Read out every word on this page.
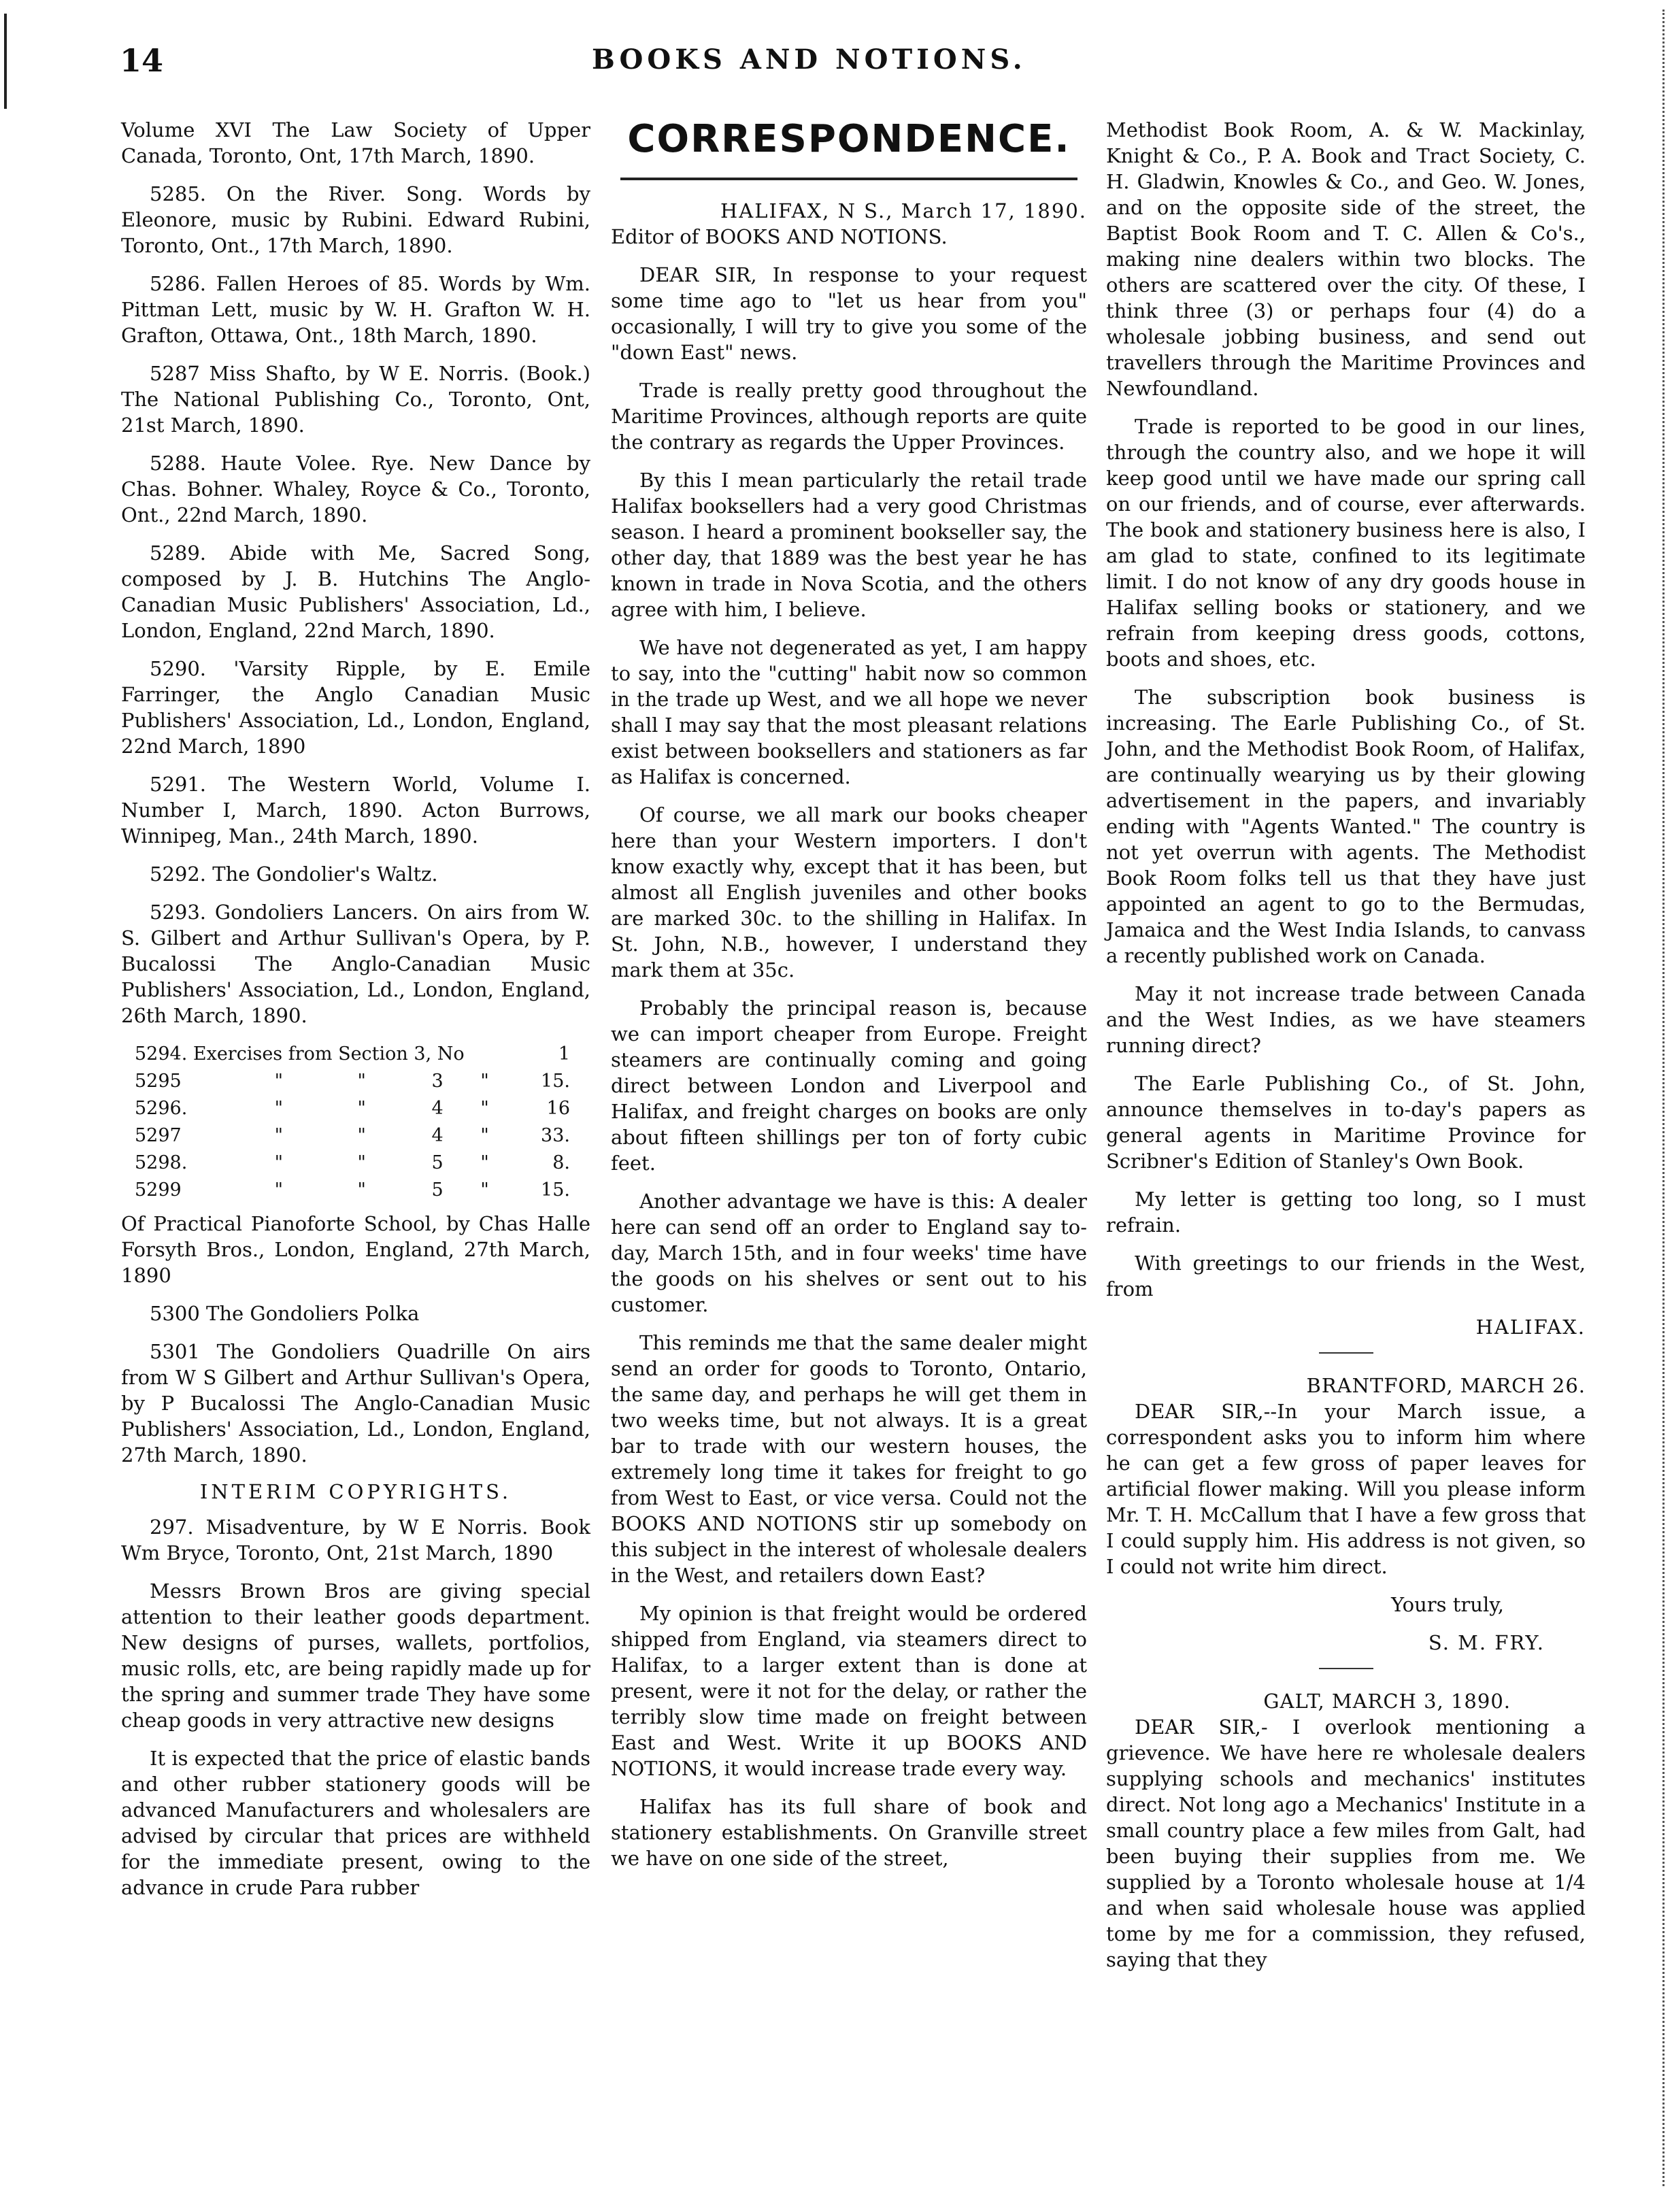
14	BOOKS AND NOTIONS.

Volume XVI The Law Society of Upper Canada, Toronto, Ont, 17th March, 1890.

5285. On the River. Song. Words by Eleonore, music by Rubini. Edward Rubini, Toronto, Ont., 17th March, 1890.

5286. Fallen Heroes of 85. Words by Wm. Pittman Lett, music by W. H. Grafton W. H. Grafton, Ottawa, Ont., 18th March, 1890.

5287 Miss Shafto, by W E. Norris. (Book.) The National Publishing Co., Toronto, Ont, 21st March, 1890.

5288. Haute Volee. Rye. New Dance by Chas. Bohner. Whaley, Royce & Co., Toronto, Ont., 22nd March, 1890.

5289. Abide with Me, Sacred Song, composed by J. B. Hutchins The Anglo-Canadian Music Publishers' Association, Ld., London, England, 22nd March, 1890.

5290. 'Varsity Ripple, by E. Emile Farringer, the Anglo Canadian Music Publishers' Association, Ld., London, England, 22nd March, 1890

5291. The Western World, Volume I. Number I, March, 1890. Acton Burrows, Winnipeg, Man., 24th March, 1890.

5292. The Gondolier's Waltz.

5293. Gondoliers Lancers. On airs from W. S. Gilbert and Arthur Sullivan's Opera, by P. Bucalossi The Anglo-Canadian Music Publishers' Association, Ld., London, England, 26th March, 1890.

5294. Exercises from Section 3, No					1
5295	"	"	3	"	15.
5296.	"	"	4	"	16
5297	"	"	4	"	33.
5298.	"	"	5	"	8.
5299	"	"	5	"	15.

Of Practical Pianoforte School, by Chas Halle Forsyth Bros., London, England, 27th March, 1890

5300 The Gondoliers Polka

5301 The Gondoliers Quadrille On airs from W S Gilbert and Arthur Sullivan's Opera, by P Bucalossi The Anglo-Canadian Music Publishers' Association, Ld., London, England, 27th March, 1890.

INTERIM COPYRIGHTS.

297. Misadventure, by W E Norris. Book Wm Bryce, Toronto, Ont, 21st March, 1890

Messrs Brown Bros are giving special attention to their leather goods department. New designs of purses, wallets, portfolios, music rolls, etc, are being rapidly made up for the spring and summer trade They have some cheap goods in very attractive new designs

It is expected that the price of elastic bands and other rubber stationery goods will be advanced Manufacturers and wholesalers are advised by circular that prices are withheld for the immediate present, owing to the advance in crude Para rubber

CORRESPONDENCE.
HALIFAX, N S., March 17, 1890.

Editor of BOOKS AND NOTIONS.

DEAR SIR, In response to your request some time ago to "let us hear from you" occasionally, I will try to give you some of the "down East" news.

Trade is really pretty good throughout the Maritime Provinces, although reports are quite the contrary as regards the Upper Provinces.

By this I mean particularly the retail trade Halifax booksellers had a very good Christmas season. I heard a prominent bookseller say, the other day, that 1889 was the best year he has known in trade in Nova Scotia, and the others agree with him, I believe.

We have not degenerated as yet, I am happy to say, into the "cutting" habit now so common in the trade up West, and we all hope we never shall I may say that the most pleasant relations exist between booksellers and stationers as far as Halifax is concerned.

Of course, we all mark our books cheaper here than your Western importers. I don't know exactly why, except that it has been, but almost all English juveniles and other books are marked 30c. to the shilling in Halifax. In St. John, N.B., however, I understand they mark them at 35c.

Probably the principal reason is, because we can import cheaper from Europe. Freight steamers are continually coming and going direct between London and Liverpool and Halifax, and freight charges on books are only about fifteen shillings per ton of forty cubic feet.

Another advantage we have is this: A dealer here can send off an order to England say to-day, March 15th, and in four weeks' time have the goods on his shelves or sent out to his customer.

This reminds me that the same dealer might send an order for goods to Toronto, Ontario, the same day, and perhaps he will get them in two weeks time, but not always. It is a great bar to trade with our western houses, the extremely long time it takes for freight to go from West to East, or vice versa. Could not the BOOKS AND NOTIONS stir up somebody on this subject in the interest of wholesale dealers in the West, and retailers down East?

My opinion is that freight would be ordered shipped from England, via steamers direct to Halifax, to a larger extent than is done at present, were it not for the delay, or rather the terribly slow time made on freight between East and West. Write it up BOOKS AND NOTIONS, it would increase trade every way.

Halifax has its full share of book and stationery establishments. On Granville street we have on one side of the street,

Methodist Book Room, A. & W. Mackinlay, Knight & Co., P. A. Book and Tract Society, C. H. Gladwin, Knowles & Co., and Geo. W. Jones, and on the opposite side of the street, the Baptist Book Room and T. C. Allen & Co's., making nine dealers within two blocks. The others are scattered over the city. Of these, I think three (3) or perhaps four (4) do a wholesale jobbing business, and send out travellers through the Maritime Provinces and Newfoundland.

Trade is reported to be good in our lines, through the country also, and we hope it will keep good until we have made our spring call on our friends, and of course, ever afterwards. The book and stationery business here is also, I am glad to state, confined to its legitimate limit. I do not know of any dry goods house in Halifax selling books or stationery, and we refrain from keeping dress goods, cottons, boots and shoes, etc.

The subscription book business is increasing. The Earle Publishing Co., of St. John, and the Methodist Book Room, of Halifax, are continually wearying us by their glowing advertisement in the papers, and invariably ending with "Agents Wanted." The country is not yet overrun with agents. The Methodist Book Room folks tell us that they have just appointed an agent to go to the Bermudas, Jamaica and the West India Islands, to canvass a recently published work on Canada.

May it not increase trade between Canada and the West Indies, as we have steamers running direct?

The Earle Publishing Co., of St. John, announce themselves in to-day's papers as general agents in Maritime Province for Scribner's Edition of Stanley's Own Book.

My letter is getting too long, so I must refrain.

With greetings to our friends in the West, from

HALIFAX.
BRANTFORD, MARCH 26.

DEAR SIR,--In your March issue, a correspondent asks you to inform him where he can get a few gross of paper leaves for artificial flower making. Will you please inform Mr. T. H. McCallum that I have a few gross that I could supply him. His address is not given, so I could not write him direct.

Yours truly,
S. M. FRY.
GALT, MARCH 3, 1890.

DEAR SIR,- I overlook mentioning a grievence. We have here re wholesale dealers supplying schools and mechanics' institutes direct. Not long ago a Mechanics' Institute in a small country place a few miles from Galt, had been buying their supplies from me. We supplied by a Toronto wholesale house at 1/4 and when said wholesale house was applied tome by me for a commission, they refused, saying that they
